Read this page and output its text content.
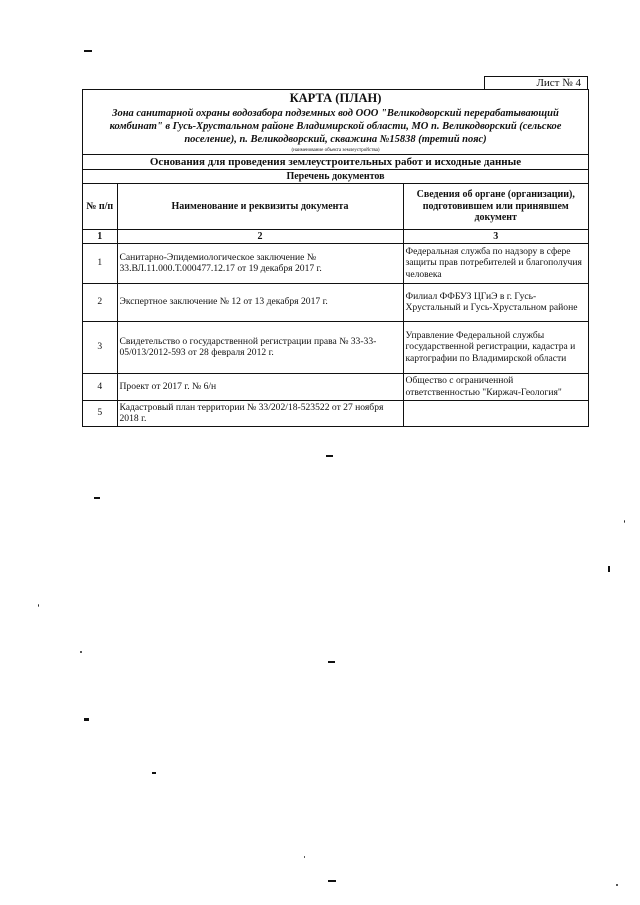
Лист № 4
КАРТА (ПЛАН)
Зона санитарной охраны водозабора подземных вод ООО "Великодворский перерабатывающий комбинат" в Гусь-Хрустальном районе Владимирской области, МО п. Великодворский (сельское поселение), п. Великодворский, скважина №15838 (третий пояс)
(наименование объекта землеустройства)
Основания для проведения землеустроительных работ и исходные данные
Перечень документов
№ п/п	Наименование и реквизиты документа	Сведения об органе (организации), подготовившем или принявшем документ
1	2	3
1	Санитарно-Эпидемиологическое заключение № 33.ВЛ.11.000.Т.000477.12.17 от 19 декабря 2017 г.	Федеральная служба по надзору в сфере защиты прав потребителей и благополучия человека
2	Экспертное заключение № 12 от 13 декабря 2017 г.	Филиал ФФБУЗ ЦГиЭ в г. Гусь-Хрустальный и Гусь-Хрустальном районе
3	Свидетельство о государственной регистрации права № 33-33-05/013/2012-593 от 28 февраля 2012 г.	Управление Федеральной службы государственной регистрации, кадастра и картографии по Владимирской области
4	Проект от 2017 г. № 6/н	Общество с ограниченной ответственностью "Киржач-Геология"
5	Кадастровый план территории № 33/202/18-523522 от 27 ноября 2018 г.	
